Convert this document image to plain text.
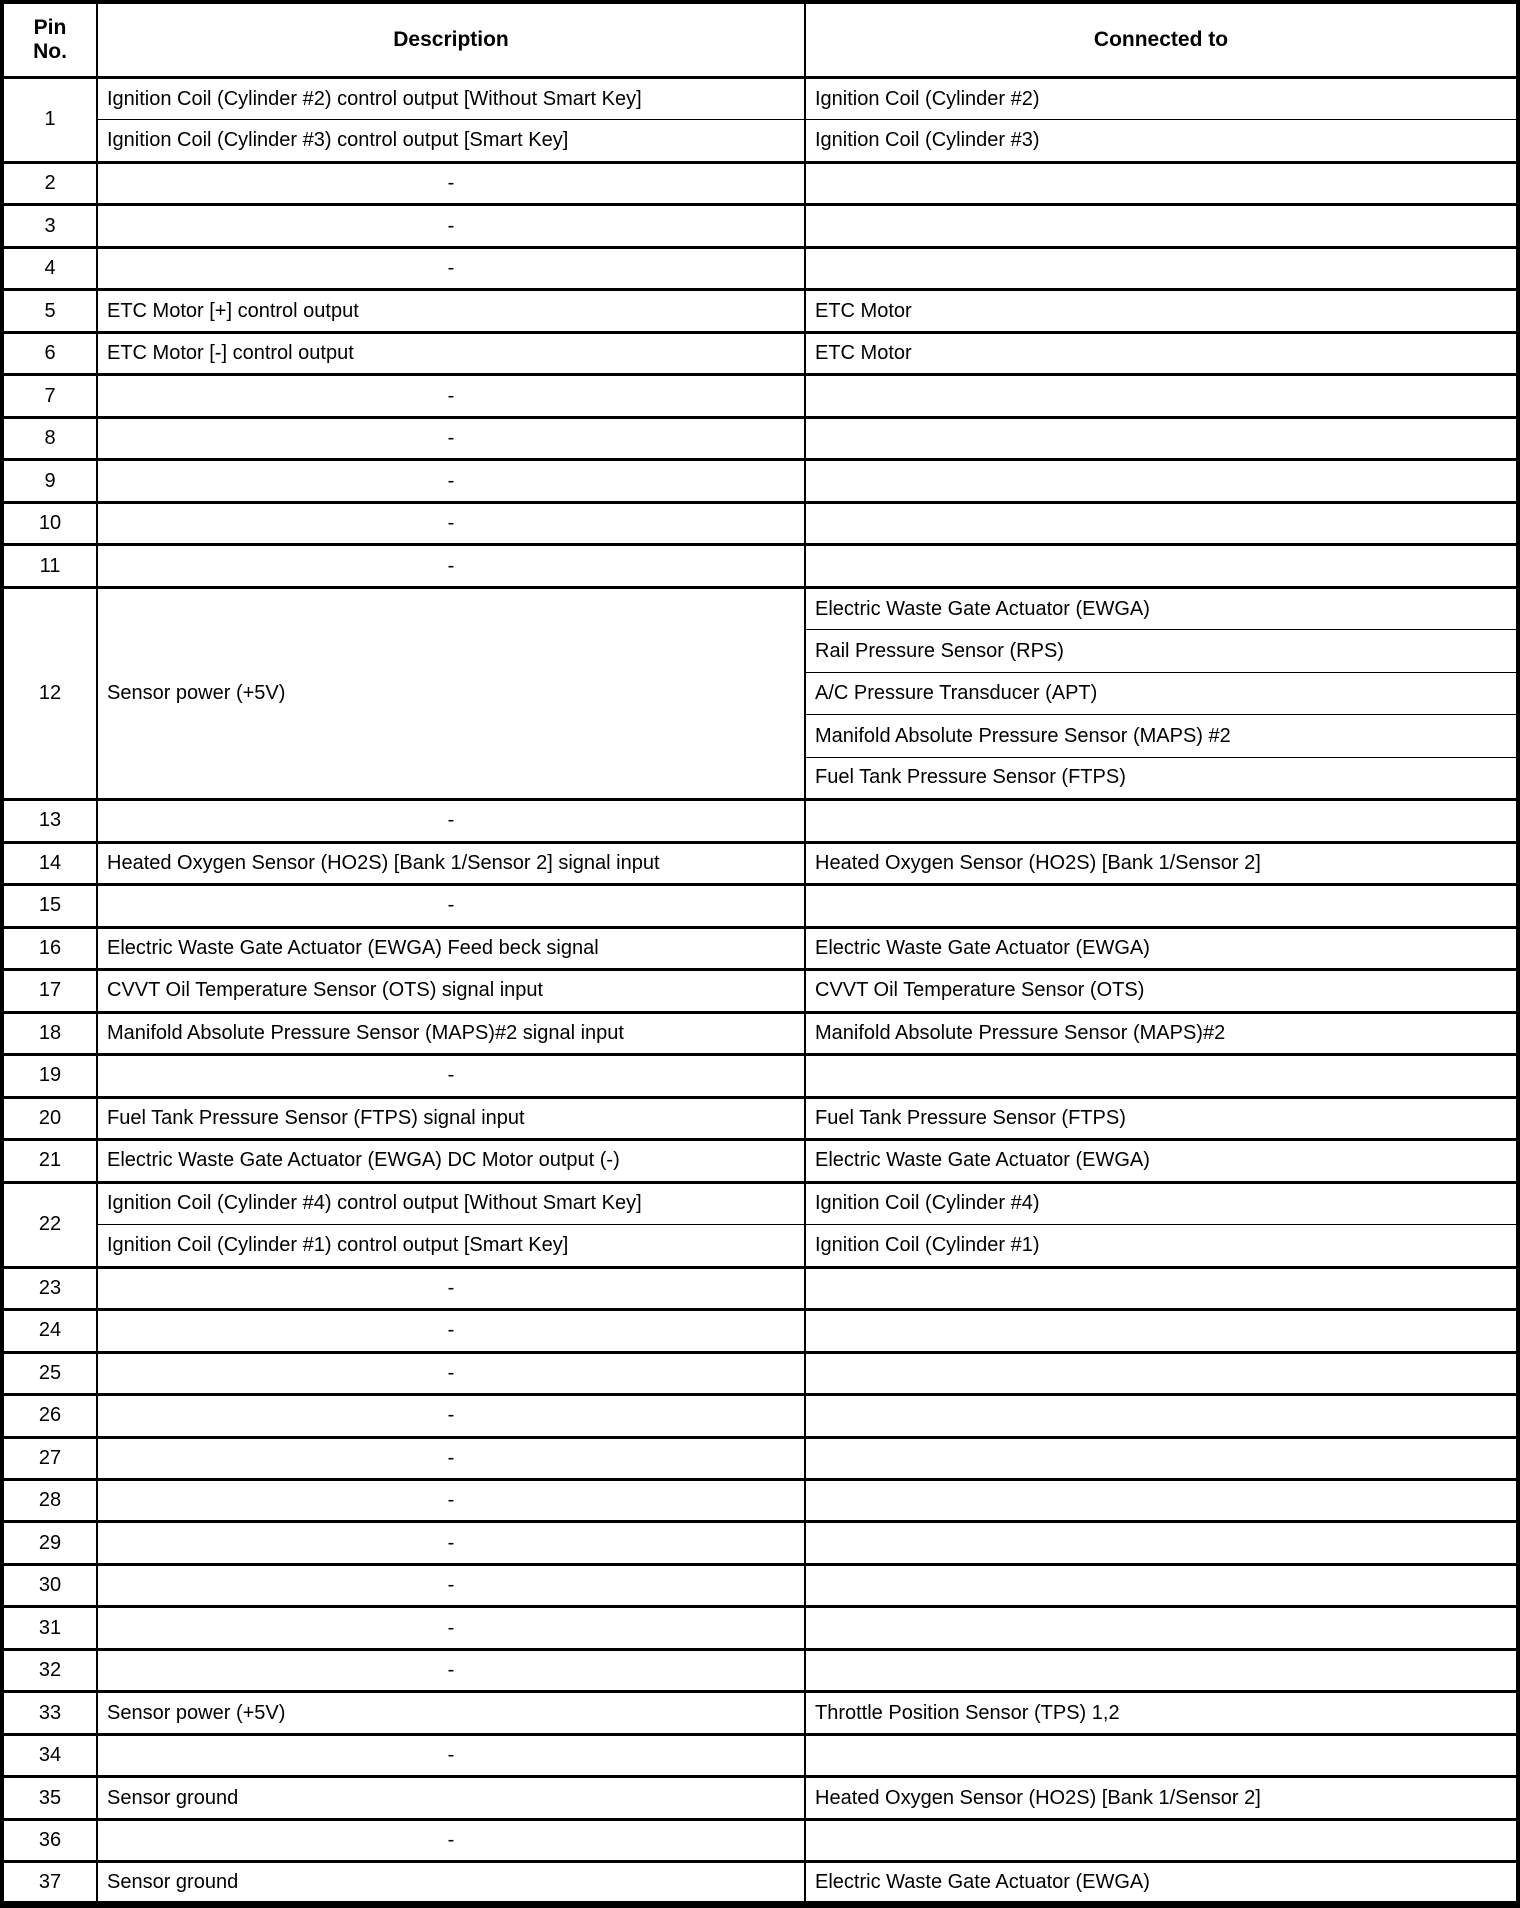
Pin
No.	Description	Connected to
1	Ignition Coil (Cylinder #2) control output [Without Smart Key]	Ignition Coil (Cylinder #2)
	Ignition Coil (Cylinder #3) control output [Smart Key]	Ignition Coil (Cylinder #3)
2	-	
3	-	
4	-	
5	ETC Motor [+] control output	ETC Motor
6	ETC Motor [-] control output	ETC Motor
7	-	
8	-	
9	-	
10	-	
11	-	
12	Sensor power (+5V)	Electric Waste Gate Actuator (EWGA)
		Rail Pressure Sensor (RPS)
		A/C Pressure Transducer (APT)
		Manifold Absolute Pressure Sensor (MAPS) #2
		Fuel Tank Pressure Sensor (FTPS)
13	-	
14	Heated Oxygen Sensor (HO2S) [Bank 1/Sensor 2] signal input	Heated Oxygen Sensor (HO2S) [Bank 1/Sensor 2]
15	-	
16	Electric Waste Gate Actuator (EWGA) Feed beck signal	Electric Waste Gate Actuator (EWGA)
17	CVVT Oil Temperature Sensor (OTS) signal input	CVVT Oil Temperature Sensor (OTS)
18	Manifold Absolute Pressure Sensor (MAPS)#2 signal input	Manifold Absolute Pressure Sensor (MAPS)#2
19	-	
20	Fuel Tank Pressure Sensor (FTPS) signal input	Fuel Tank Pressure Sensor (FTPS)
21	Electric Waste Gate Actuator (EWGA) DC Motor output (-)	Electric Waste Gate Actuator (EWGA)
22	Ignition Coil (Cylinder #4) control output [Without Smart Key]	Ignition Coil (Cylinder #4)
	Ignition Coil (Cylinder #1) control output [Smart Key]	Ignition Coil (Cylinder #1)
23	-	
24	-	
25	-	
26	-	
27	-	
28	-	
29	-	
30	-	
31	-	
32	-	
33	Sensor power (+5V)	Throttle Position Sensor (TPS) 1,2
34	-	
35	Sensor ground	Heated Oxygen Sensor (HO2S) [Bank 1/Sensor 2]
36	-	
37	Sensor ground	Electric Waste Gate Actuator (EWGA)
